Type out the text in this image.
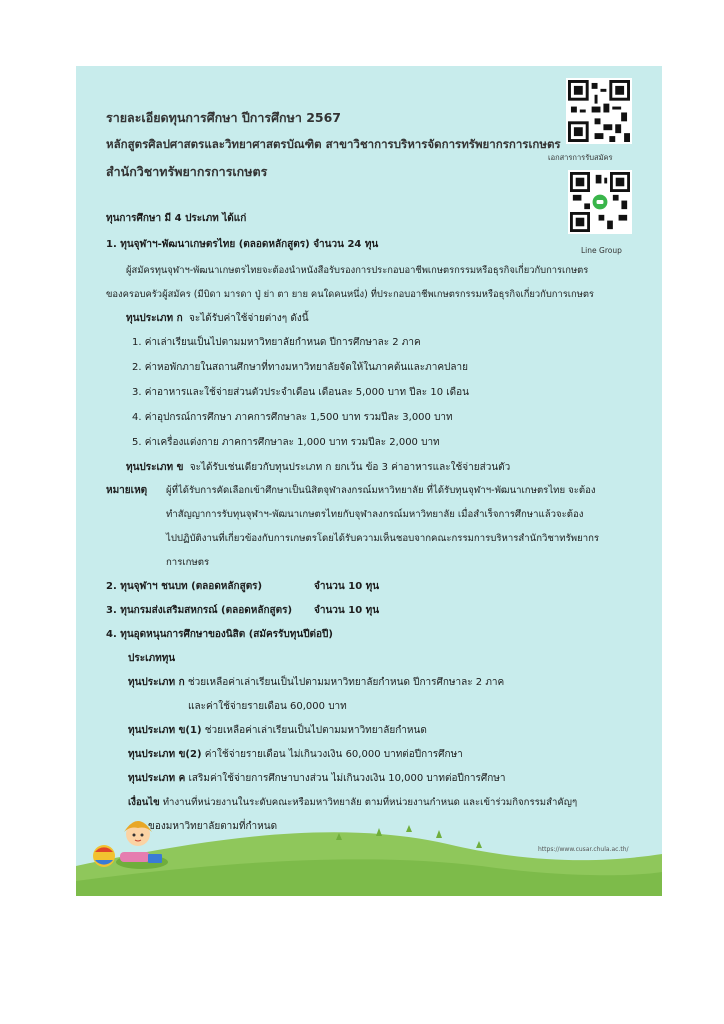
รายละเอียดทุนการศึกษา ปีการศึกษา 2567
หลักสูตรศิลปศาสตรและวิทยาศาสตรบัณฑิต สาขาวิชาการบริหารจัดการทรัพยากรการเกษตร
สำนักวิชาทรัพยากรการเกษตร
เอกสารการรับสมัคร
Line Group
ทุนการศึกษา มี 4 ประเภท ได้แก่
1. ทุนจุฬาฯ-พัฒนาเกษตรไทย (ตลอดหลักสูตร) จำนวน 24 ทุน
ผู้สมัครทุนจุฬาฯ-พัฒนาเกษตรไทยจะต้องนำหนังสือรับรองการประกอบอาชีพเกษตรกรรมหรือธุรกิจเกี่ยวกับการเกษตร
ของครอบครัวผู้สมัคร (มีบิดา มารดา ปู่ ย่า ตา ยาย คนใดคนหนึ่ง) ที่ประกอบอาชีพเกษตรกรรมหรือธุรกิจเกี่ยวกับการเกษตร
ทุนประเภท ก จะได้รับค่าใช้จ่ายต่างๆ ดังนี้
1. ค่าเล่าเรียนเป็นไปตามมหาวิทยาลัยกำหนด ปีการศึกษาละ 2 ภาค
2. ค่าหอพักภายในสถานศึกษาที่ทางมหาวิทยาลัยจัดให้ในภาคต้นและภาคปลาย
3. ค่าอาหารและใช้จ่ายส่วนตัวประจำเดือน เดือนละ 5,000 บาท ปีละ 10 เดือน
4. ค่าอุปกรณ์การศึกษา ภาคการศึกษาละ 1,500 บาท รวมปีละ 3,000 บาท
5. ค่าเครื่องแต่งกาย ภาคการศึกษาละ 1,000 บาท รวมปีละ 2,000 บาท
ทุนประเภท ข จะได้รับเช่นเดียวกับทุนประเภท ก ยกเว้น ข้อ 3 ค่าอาหารและใช้จ่ายส่วนตัว
หมายเหตุ ผู้ที่ได้รับการคัดเลือกเข้าศึกษาเป็นนิสิตจุฬาลงกรณ์มหาวิทยาลัย ที่ได้รับทุนจุฬาฯ-พัฒนาเกษตรไทย จะต้อง
ทำสัญญาการรับทุนจุฬาฯ-พัฒนาเกษตรไทยกับจุฬาลงกรณ์มหาวิทยาลัย เมื่อสำเร็จการศึกษาแล้วจะต้อง
ไปปฏิบัติงานที่เกี่ยวข้องกับการเกษตรโดยได้รับความเห็นชอบจากคณะกรรมการบริหารสำนักวิชาทรัพยากร
การเกษตร
2. ทุนจุฬาฯ ชนบท (ตลอดหลักสูตร)	จำนวน 10 ทุน
3. ทุนกรมส่งเสริมสหกรณ์ (ตลอดหลักสูตร) จำนวน 10 ทุน
4. ทุนอุดหนุนการศึกษาของนิสิต (สมัครรับทุนปีต่อปี)
ประเภททุน
ทุนประเภท ก ช่วยเหลือค่าเล่าเรียนเป็นไปตามมหาวิทยาลัยกำหนด ปีการศึกษาละ 2 ภาค
และค่าใช้จ่ายรายเดือน 60,000 บาท
ทุนประเภท ข(1) ช่วยเหลือค่าเล่าเรียนเป็นไปตามมหาวิทยาลัยกำหนด
ทุนประเภท ข(2) ค่าใช้จ่ายรายเดือน ไม่เกินวงเงิน 60,000 บาทต่อปีการศึกษา
ทุนประเภท ค เสริมค่าใช้จ่ายการศึกษาบางส่วน ไม่เกินวงเงิน 10,000 บาทต่อปีการศึกษา
เงื่อนไข ทำงานที่หน่วยงานในระดับคณะหรือมหาวิทยาลัย ตามที่หน่วยงานกำหนด และเข้าร่วมกิจกรรมสำคัญๆ
ของมหาวิทยาลัยตามที่กำหนด
https://www.cusar.chula.ac.th/
